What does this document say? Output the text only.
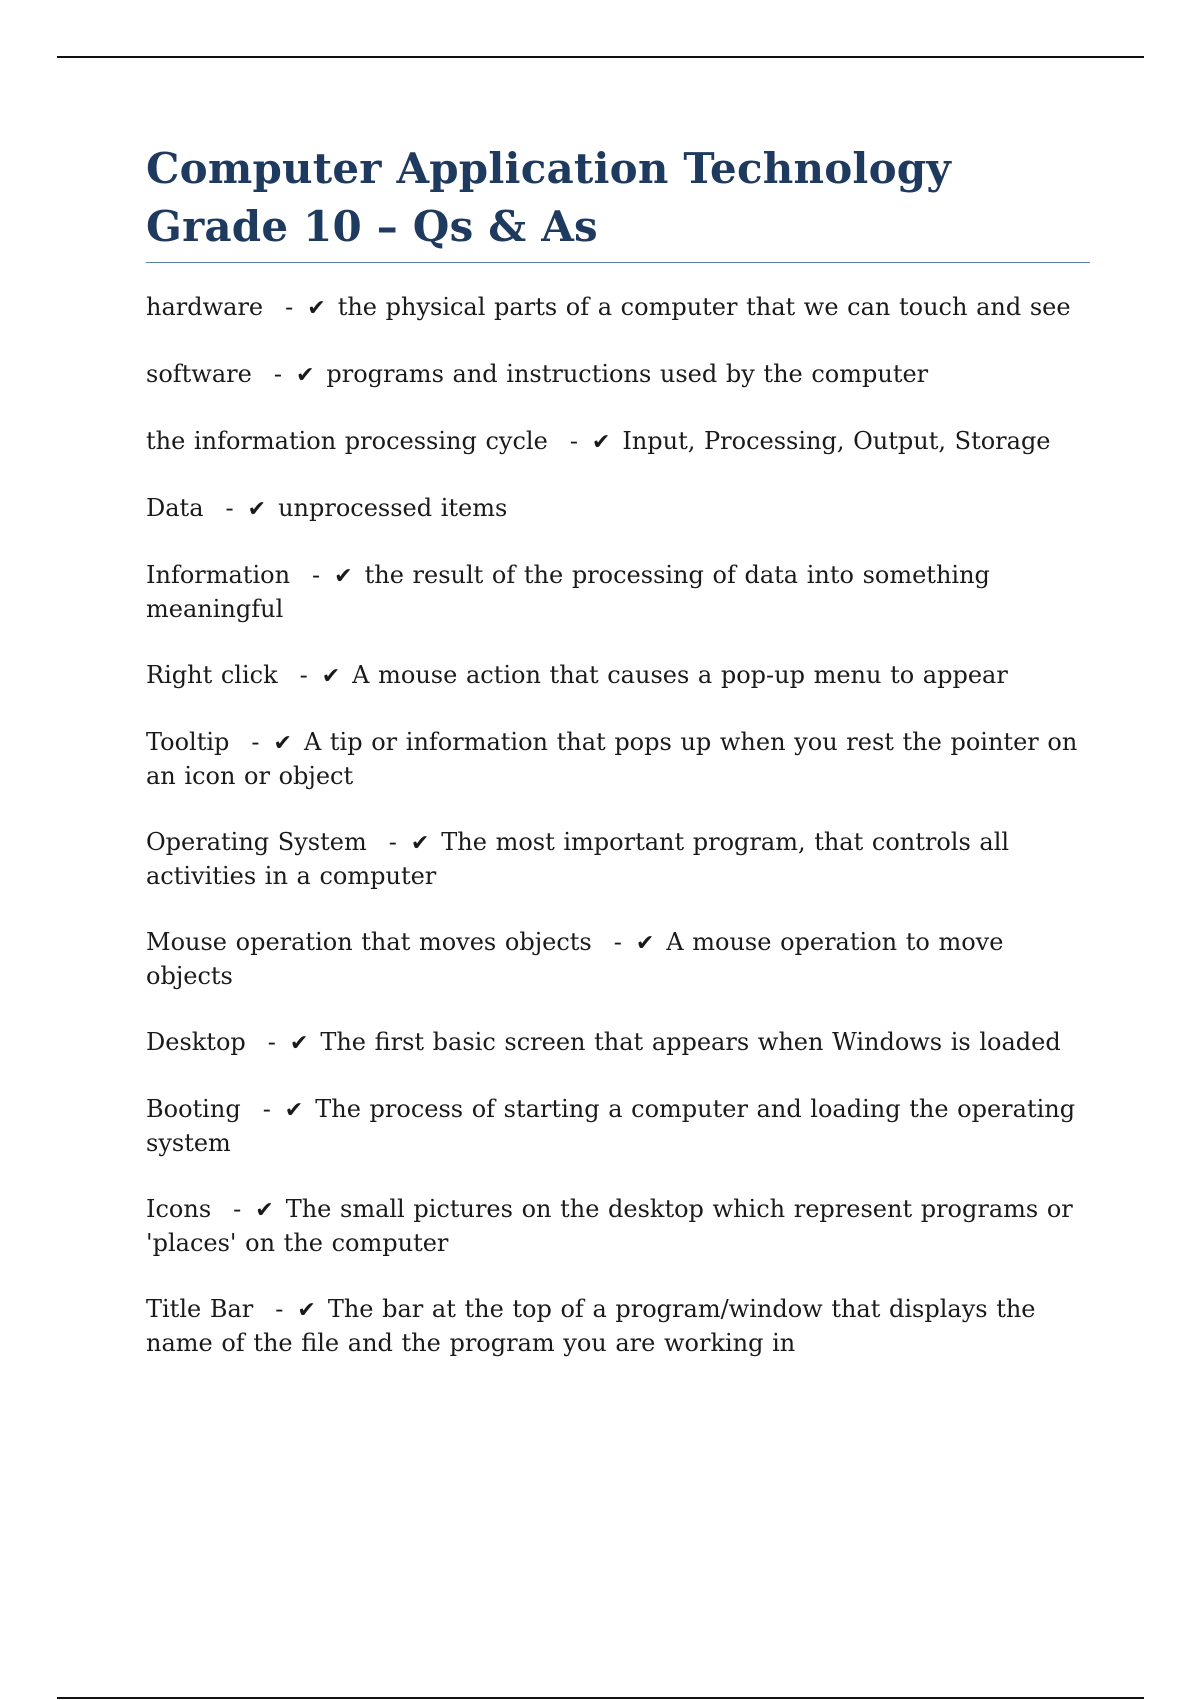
Computer Application Technology Grade 10 – Qs & As
hardware - ✔ the physical parts of a computer that we can touch and see
software - ✔ programs and instructions used by the computer
the information processing cycle - ✔ Input, Processing, Output, Storage
Data - ✔ unprocessed items
Information - ✔ the result of the processing of data into something meaningful
Right click - ✔ A mouse action that causes a pop-up menu to appear
Tooltip - ✔ A tip or information that pops up when you rest the pointer on an icon or object
Operating System - ✔ The most important program, that controls all activities in a computer
Mouse operation that moves objects - ✔ A mouse operation to move objects
Desktop - ✔ The first basic screen that appears when Windows is loaded
Booting - ✔ The process of starting a computer and loading the operating system
Icons - ✔ The small pictures on the desktop which represent programs or 'places' on the computer
Title Bar - ✔ The bar at the top of a program/window that displays the name of the file and the program you are working in
